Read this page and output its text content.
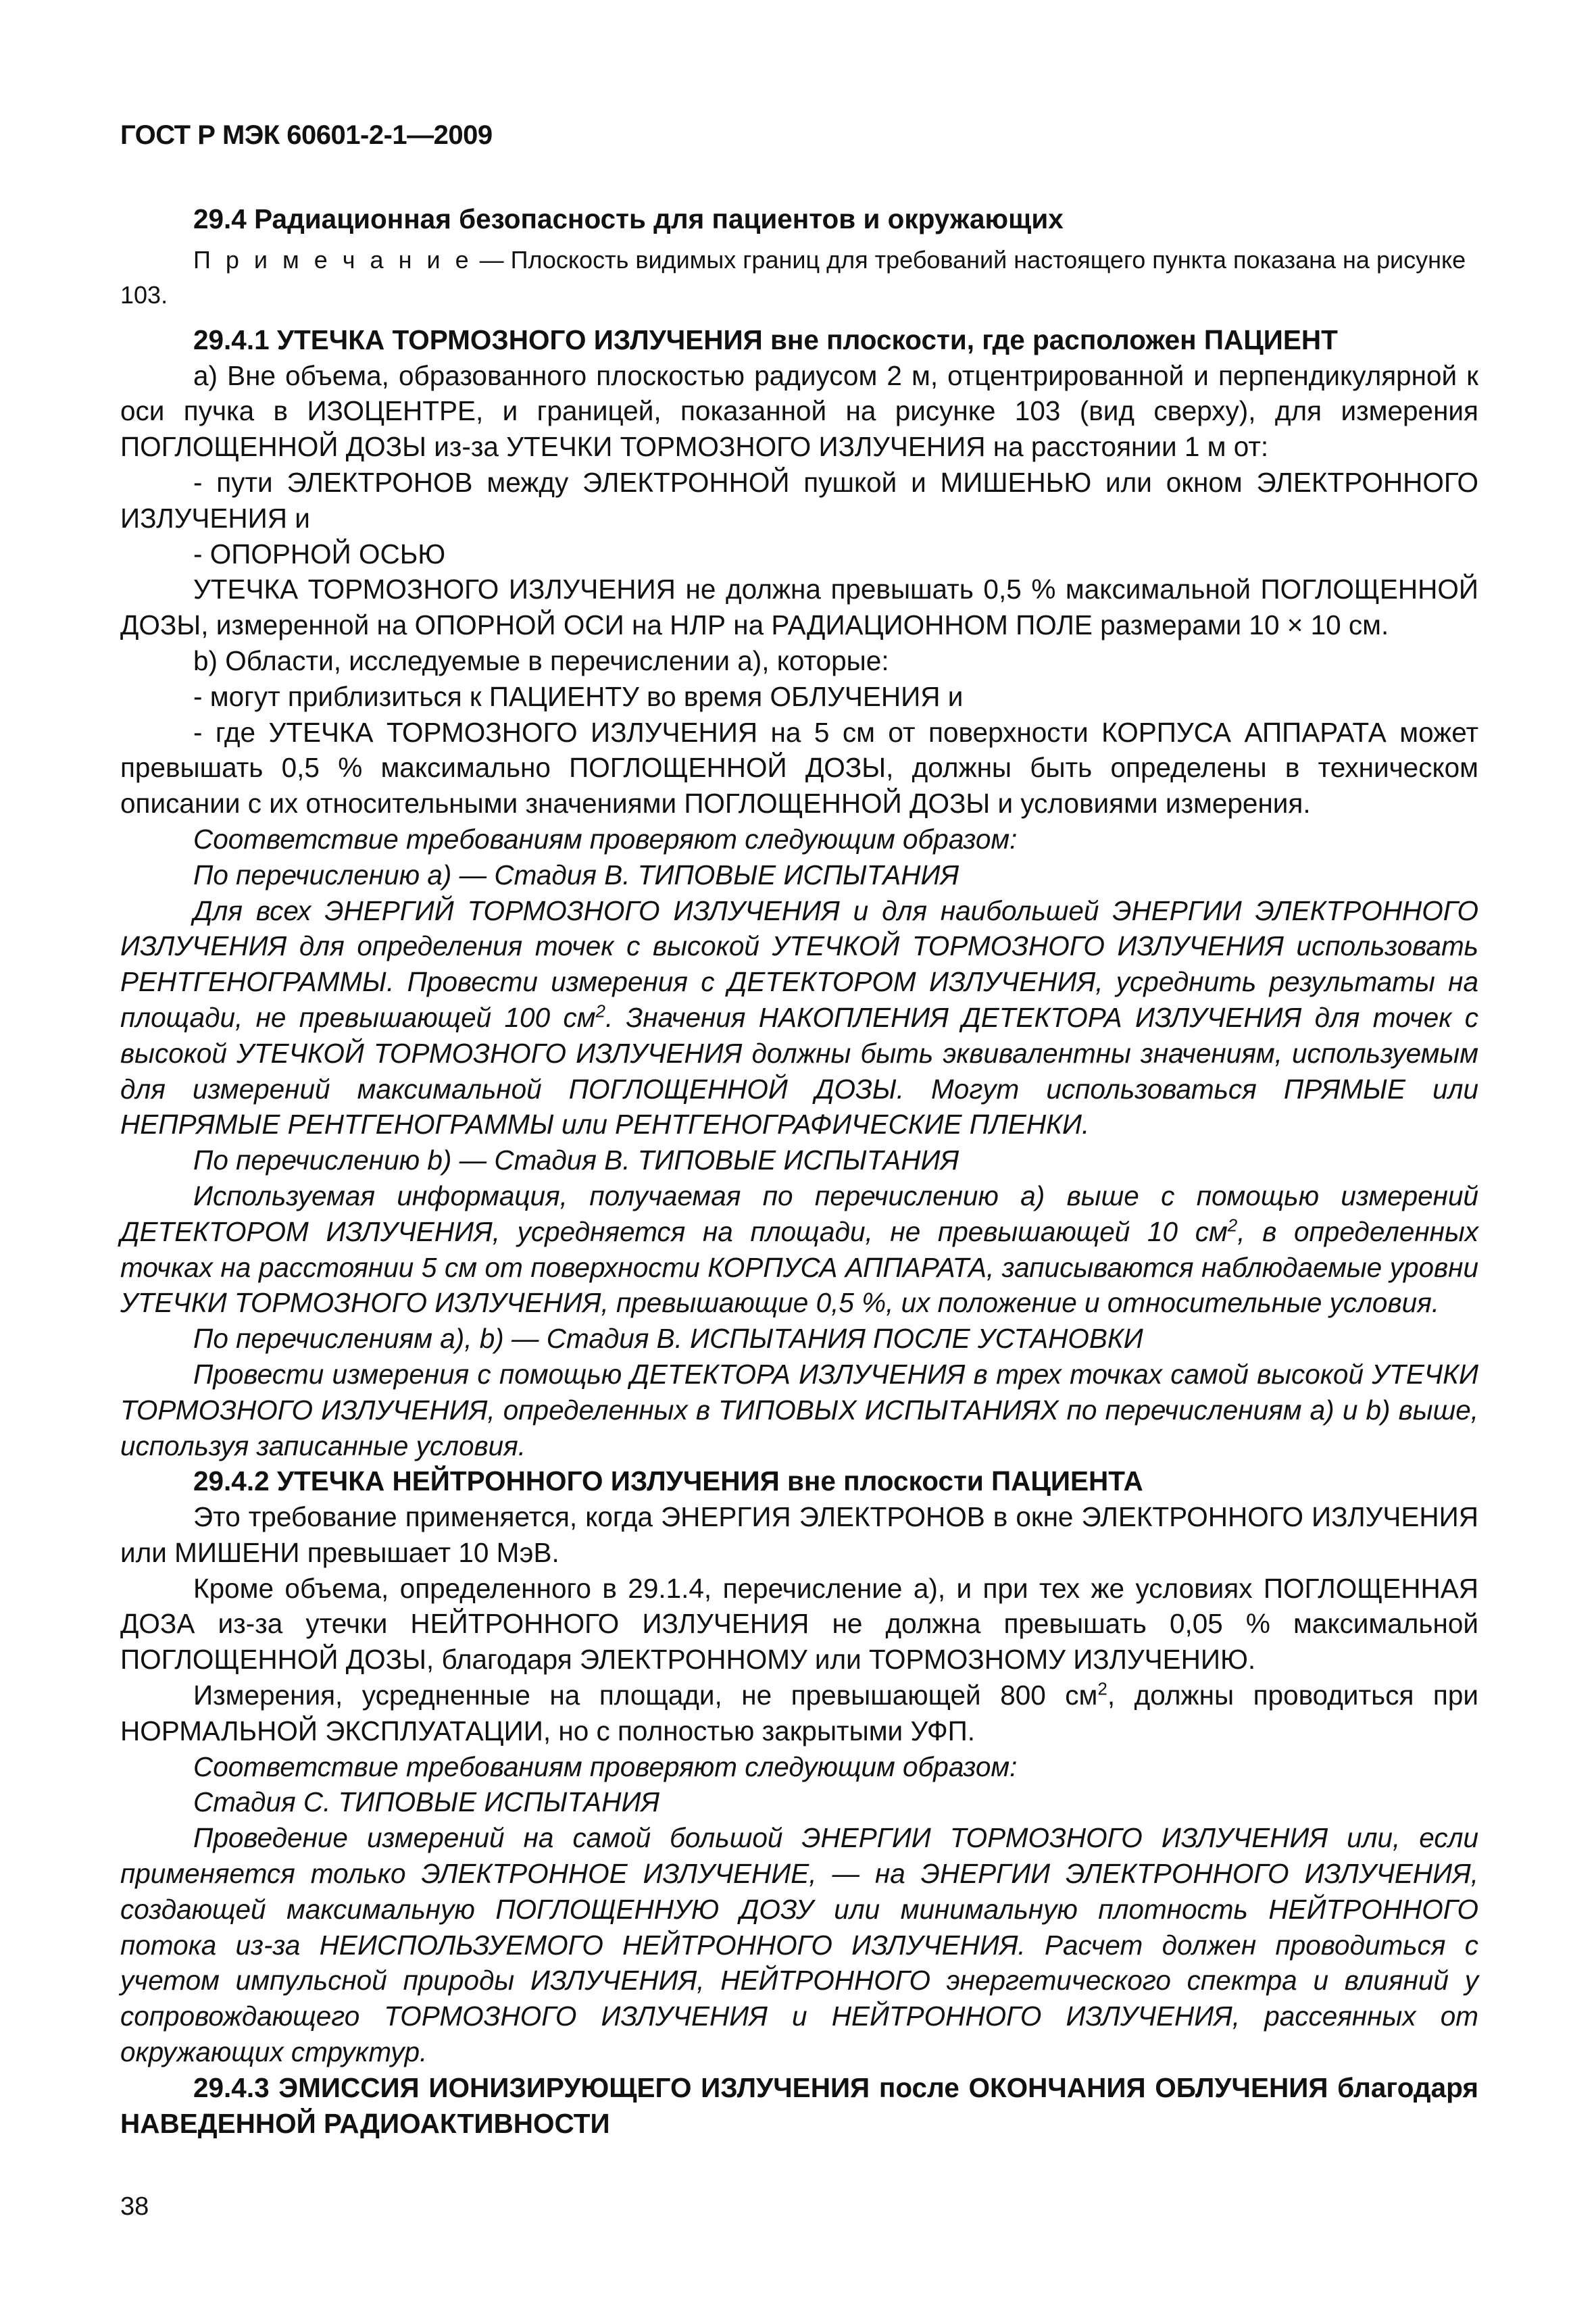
ГОСТ Р МЭК 60601-2-1—2009

29.4 Радиационная безопасность для пациентов и окружающих

П р и м е ч а н и е — Плоскость видимых границ для требований настоящего пункта показана на рисунке 103.

29.4.1 УТЕЧКА ТОРМОЗНОГО ИЗЛУЧЕНИЯ вне плоскости, где расположен ПАЦИЕНТ

а) Вне объема, образованного плоскостью радиусом 2 м, отцентрированной и перпендикулярной к оси пучка в ИЗОЦЕНТРЕ, и границей, показанной на рисунке 103 (вид сверху), для измерения ПОГЛОЩЕННОЙ ДОЗЫ из-за УТЕЧКИ ТОРМОЗНОГО ИЗЛУЧЕНИЯ на расстоянии 1 м от:

- пути ЭЛЕКТРОНОВ между ЭЛЕКТРОННОЙ пушкой и МИШЕНЬЮ или окном ЭЛЕКТРОННОГО ИЗЛУЧЕНИЯ и

- ОПОРНОЙ ОСЬЮ

УТЕЧКА ТОРМОЗНОГО ИЗЛУЧЕНИЯ не должна превышать 0,5 % максимальной ПОГЛОЩЕННОЙ ДОЗЫ, измеренной на ОПОРНОЙ ОСИ на НЛР на РАДИАЦИОННОМ ПОЛЕ размерами 10 × 10 см.

b) Области, исследуемые в перечислении а), которые:

- могут приблизиться к ПАЦИЕНТУ во время ОБЛУЧЕНИЯ и

- где УТЕЧКА ТОРМОЗНОГО ИЗЛУЧЕНИЯ на 5 см от поверхности КОРПУСА АППАРАТА может превышать 0,5 % максимально ПОГЛОЩЕННОЙ ДОЗЫ, должны быть определены в техническом описании с их относительными значениями ПОГЛОЩЕННОЙ ДОЗЫ и условиями измерения.

Соответствие требованиям проверяют следующим образом:

По перечислению а) — Стадия В. ТИПОВЫЕ ИСПЫТАНИЯ

Для всех ЭНЕРГИЙ ТОРМОЗНОГО ИЗЛУЧЕНИЯ и для наибольшей ЭНЕРГИИ ЭЛЕКТРОННОГО ИЗЛУЧЕНИЯ для определения точек с высокой УТЕЧКОЙ ТОРМОЗНОГО ИЗЛУЧЕНИЯ использовать РЕНТГЕНОГРАММЫ. Провести измерения с ДЕТЕКТОРОМ ИЗЛУЧЕНИЯ, усреднить результаты на площади, не превышающей 100 $см^2$. Значения НАКОПЛЕНИЯ ДЕТЕКТОРА ИЗЛУЧЕНИЯ для точек с высокой УТЕЧКОЙ ТОРМОЗНОГО ИЗЛУЧЕНИЯ должны быть эквивалентны значениям, используемым для измерений максимальной ПОГЛОЩЕННОЙ ДОЗЫ. Могут использоваться ПРЯМЫЕ или НЕПРЯМЫЕ РЕНТГЕНОГРАММЫ или РЕНТГЕНОГРАФИЧЕСКИЕ ПЛЕНКИ.

По перечислению b) — Стадия В. ТИПОВЫЕ ИСПЫТАНИЯ

Используемая информация, получаемая по перечислению а) выше с помощью измерений ДЕТЕКТОРОМ ИЗЛУЧЕНИЯ, усредняется на площади, не превышающей 10 $см^2$, в определенных точках на расстоянии 5 см от поверхности КОРПУСА АППАРАТА, записываются наблюдаемые уровни УТЕЧКИ ТОРМОЗНОГО ИЗЛУЧЕНИЯ, превышающие 0,5 %, их положение и относительные условия.

По перечислениям а), b) — Стадия В. ИСПЫТАНИЯ ПОСЛЕ УСТАНОВКИ

Провести измерения с помощью ДЕТЕКТОРА ИЗЛУЧЕНИЯ в трех точках самой высокой УТЕЧКИ ТОРМОЗНОГО ИЗЛУЧЕНИЯ, определенных в ТИПОВЫХ ИСПЫТАНИЯХ по перечислениям а) и b) выше, используя записанные условия.

29.4.2 УТЕЧКА НЕЙТРОННОГО ИЗЛУЧЕНИЯ вне плоскости ПАЦИЕНТА

Это требование применяется, когда ЭНЕРГИЯ ЭЛЕКТРОНОВ в окне ЭЛЕКТРОННОГО ИЗЛУЧЕНИЯ или МИШЕНИ превышает 10 МэВ.

Кроме объема, определенного в 29.1.4, перечисление а), и при тех же условиях ПОГЛОЩЕННАЯ ДОЗА из-за утечки НЕЙТРОННОГО ИЗЛУЧЕНИЯ не должна превышать 0,05 % максимальной ПОГЛОЩЕННОЙ ДОЗЫ, благодаря ЭЛЕКТРОННОМУ или ТОРМОЗНОМУ ИЗЛУЧЕНИЮ.

Измерения, усредненные на площади, не превышающей 800 $см^2$, должны проводиться при НОРМАЛЬНОЙ ЭКСПЛУАТАЦИИ, но с полностью закрытыми УФП.

Соответствие требованиям проверяют следующим образом:

Стадия С. ТИПОВЫЕ ИСПЫТАНИЯ

Проведение измерений на самой большой ЭНЕРГИИ ТОРМОЗНОГО ИЗЛУЧЕНИЯ или, если применяется только ЭЛЕКТРОННОЕ ИЗЛУЧЕНИЕ, — на ЭНЕРГИИ ЭЛЕКТРОННОГО ИЗЛУЧЕНИЯ, создающей максимальную ПОГЛОЩЕННУЮ ДОЗУ или минимальную плотность НЕЙТРОННОГО потока из-за НЕИСПОЛЬЗУЕМОГО НЕЙТРОННОГО ИЗЛУЧЕНИЯ. Расчет должен проводиться с учетом импульсной природы ИЗЛУЧЕНИЯ, НЕЙТРОННОГО энергетического спектра и влияний у сопровождающего ТОРМОЗНОГО ИЗЛУЧЕНИЯ и НЕЙТРОННОГО ИЗЛУЧЕНИЯ, рассеянных от окружающих структур.

29.4.3 ЭМИССИЯ ИОНИЗИРУЮЩЕГО ИЗЛУЧЕНИЯ после ОКОНЧАНИЯ ОБЛУЧЕНИЯ благодаря НАВЕДЕННОЙ РАДИОАКТИВНОСТИ

38
